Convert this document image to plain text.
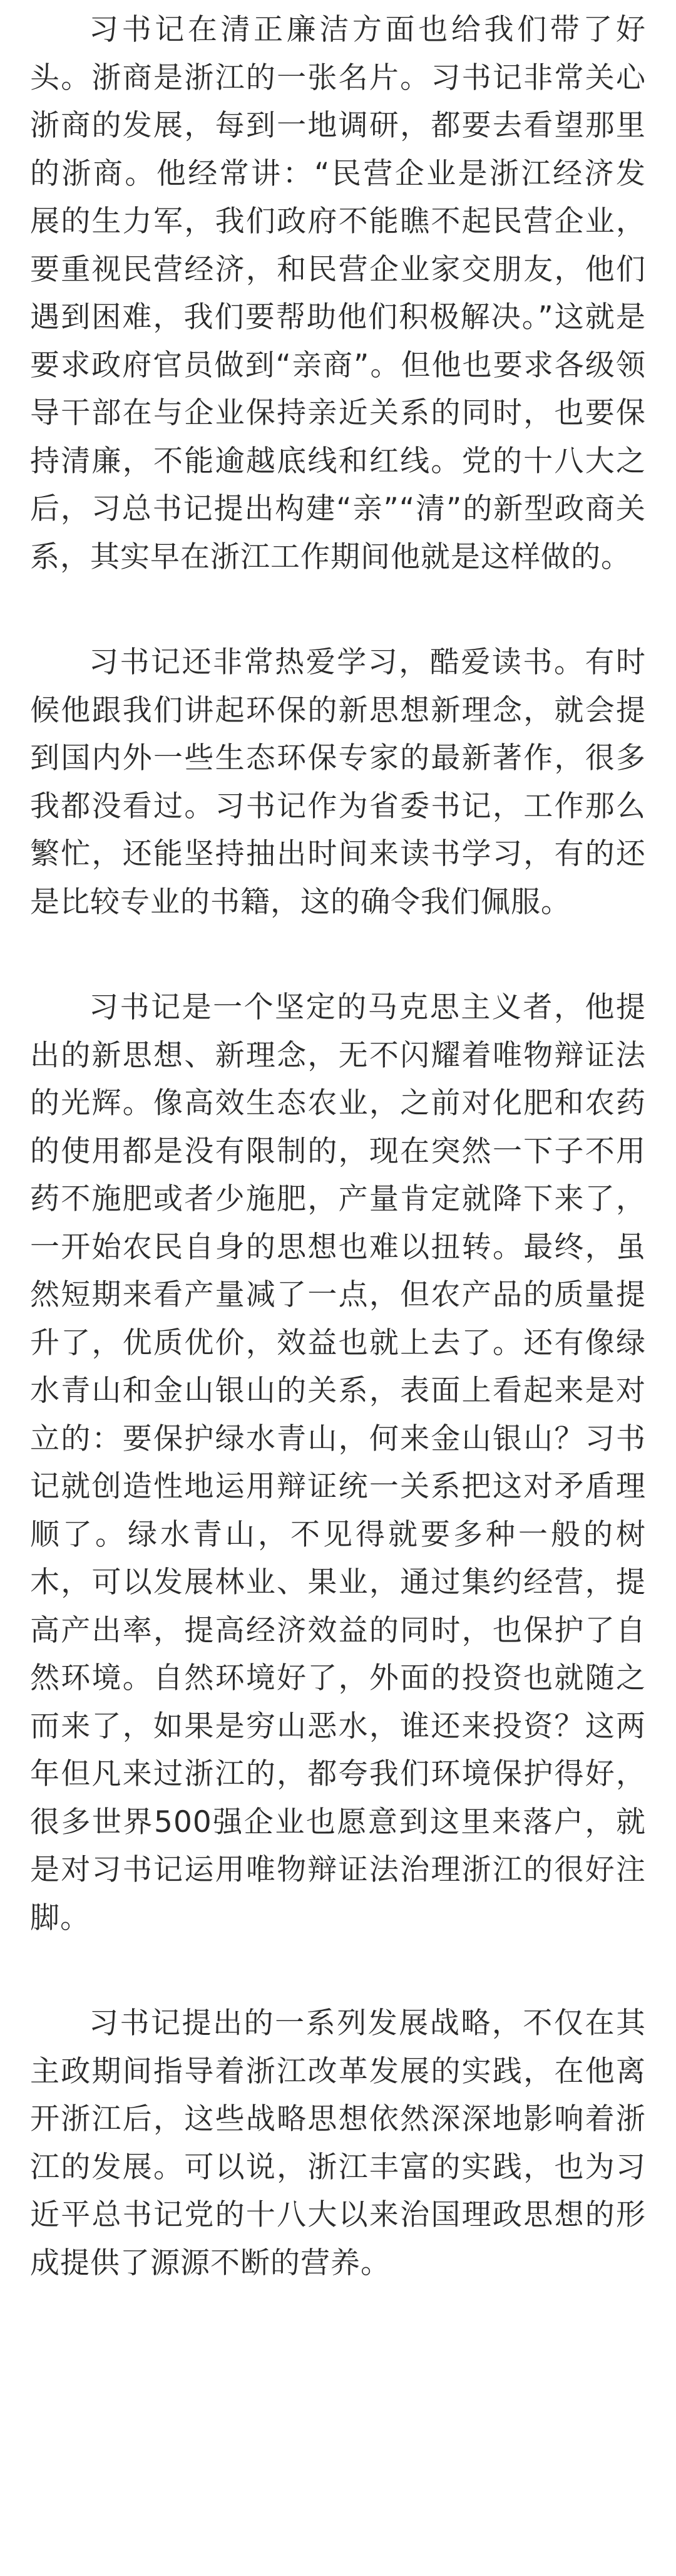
习书记在清正廉洁方面也给我们带了好头。浙商是浙江的一张名片。习书记非常关心浙商的发展，每到一地调研，都要去看望那里的浙商。他经常讲：“民营企业是浙江经济发展的生力军，我们政府不能瞧不起民营企业，要重视民营经济，和民营企业家交朋友，他们遇到困难，我们要帮助他们积极解决。”这就是要求政府官员做到“亲商”。但他也要求各级领导干部在与企业保持亲近关系的同时，也要保持清廉，不能逾越底线和红线。党的十八大之后，习总书记提出构建“亲”“清”的新型政商关系，其实早在浙江工作期间他就是这样做的。

习书记还非常热爱学习，酷爱读书。有时候他跟我们讲起环保的新思想新理念，就会提到国内外一些生态环保专家的最新著作，很多我都没看过。习书记作为省委书记，工作那么繁忙，还能坚持抽出时间来读书学习，有的还是比较专业的书籍，这的确令我们佩服。

习书记是一个坚定的马克思主义者，他提出的新思想、新理念，无不闪耀着唯物辩证法的光辉。像高效生态农业，之前对化肥和农药的使用都是没有限制的，现在突然一下子不用药不施肥或者少施肥，产量肯定就降下来了，一开始农民自身的思想也难以扭转。最终，虽然短期来看产量减了一点，但农产品的质量提升了，优质优价，效益也就上去了。还有像绿水青山和金山银山的关系，表面上看起来是对立的：要保护绿水青山，何来金山银山？习书记就创造性地运用辩证统一关系把这对矛盾理顺了。绿水青山，不见得就要多种一般的树木，可以发展林业、果业，通过集约经营，提高产出率，提高经济效益的同时，也保护了自然环境。自然环境好了，外面的投资也就随之而来了，如果是穷山恶水，谁还来投资？这两年但凡来过浙江的，都夸我们环境保护得好，很多世界500强企业也愿意到这里来落户，就是对习书记运用唯物辩证法治理浙江的很好注脚。

习书记提出的一系列发展战略，不仅在其主政期间指导着浙江改革发展的实践，在他离开浙江后，这些战略思想依然深深地影响着浙江的发展。可以说，浙江丰富的实践，也为习近平总书记党的十八大以来治国理政思想的形成提供了源源不断的营养。
